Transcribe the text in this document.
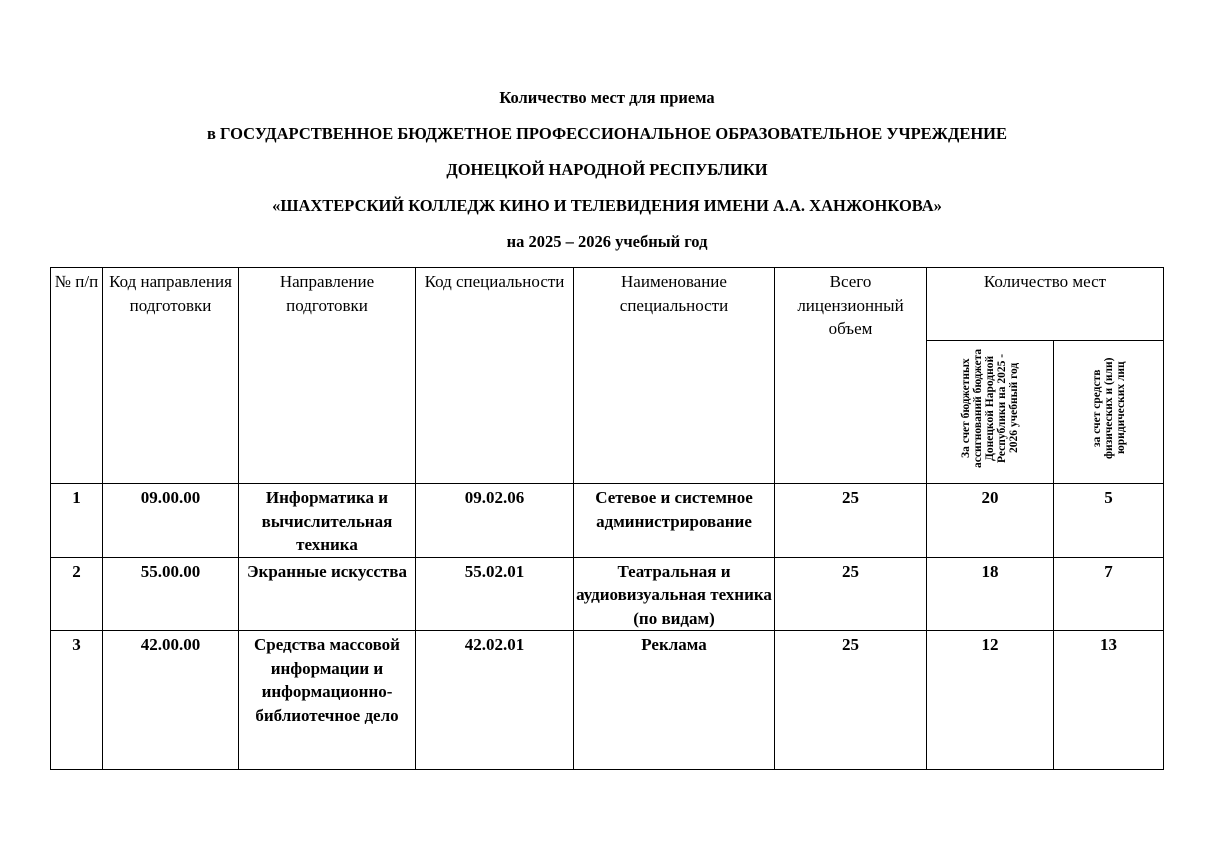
Количество мест для приема
в ГОСУДАРСТВЕННОЕ БЮДЖЕТНОЕ ПРОФЕССИОНАЛЬНОЕ ОБРАЗОВАТЕЛЬНОЕ УЧРЕЖДЕНИЕ
ДОНЕЦКОЙ НАРОДНОЙ РЕСПУБЛИКИ
«ШАХТЕРСКИЙ КОЛЛЕДЖ КИНО И ТЕЛЕВИДЕНИЯ ИМЕНИ А.А. ХАНЖОНКОВА»
на 2025 – 2026 учебный год
№ п/п	Код направления подготовки	Направление подготовки	Код специальности	Наименование специальности	Всего лицензионный объем	Количество мест	

						За счет бюджетных ассигнований бюджета Донецкой Народной Республики на 2025 - 2026 учебный год	за счет средств физических и (или) юридических лиц

1	09.00.00	Информатика и вычислительная техника	09.02.06	Сетевое и системное администрирование	25	20	5
2	55.00.00	Экранные искусства	55.02.01	Театральная и аудиовизуальная техника (по видам)	25	18	7
3	42.00.00	Средства массовой информации и информационно-библиотечное дело	42.02.01	Реклама	25	12	13
